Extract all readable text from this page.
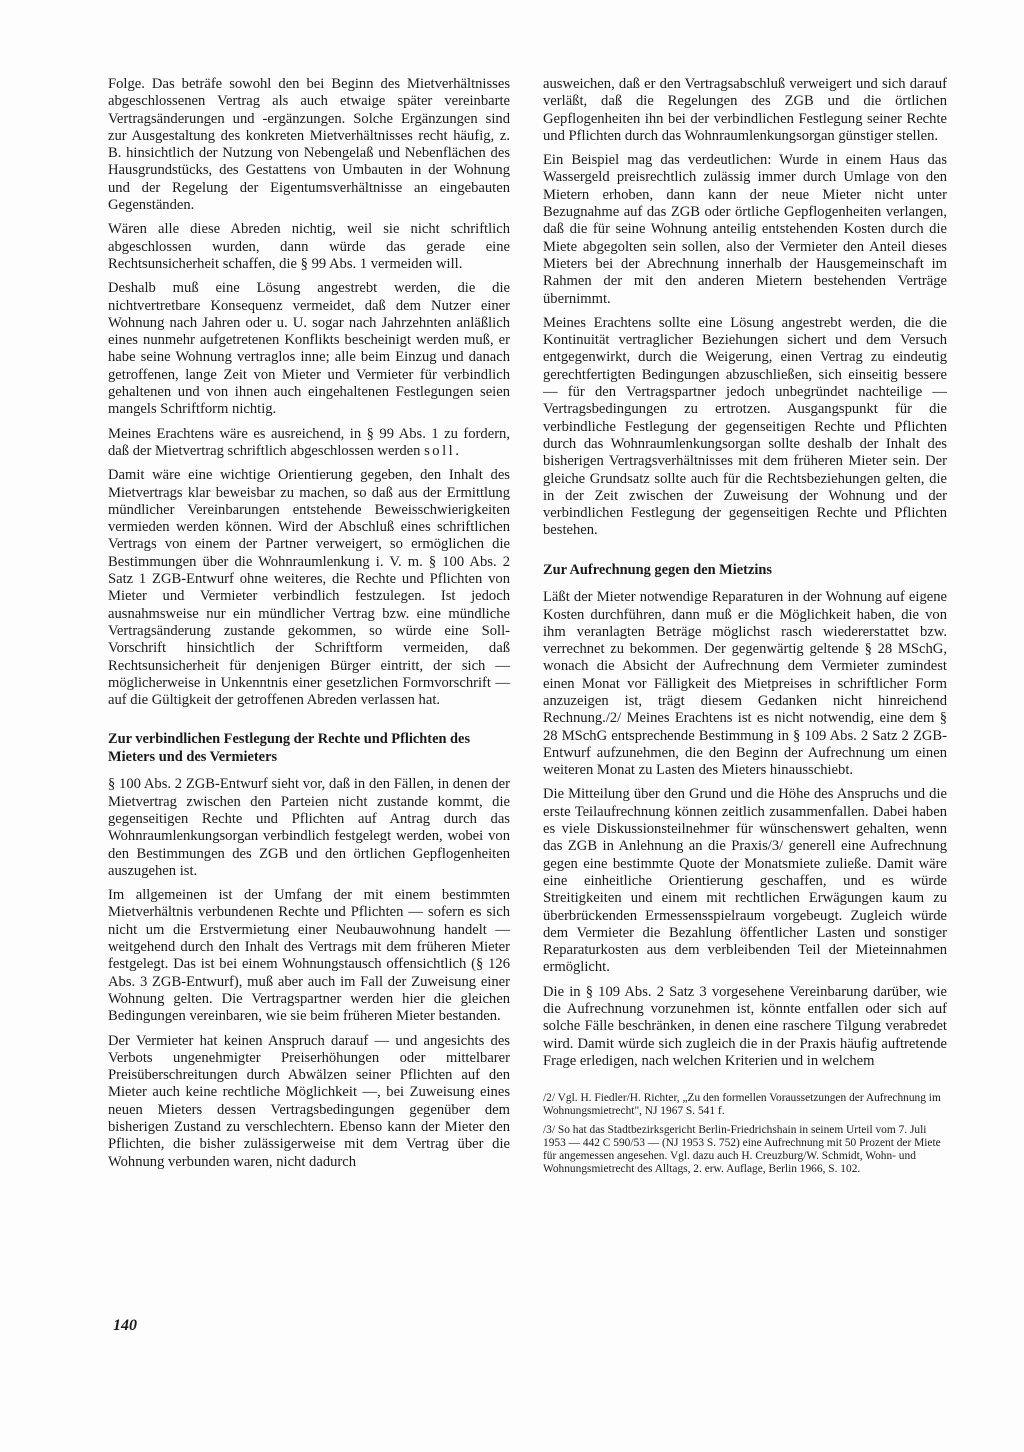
Folge. Das beträfe sowohl den bei Beginn des Mietverhältnisses abgeschlossenen Vertrag als auch etwaige später vereinbarte Vertragsänderungen und -ergänzungen. Solche Ergänzungen sind zur Ausgestaltung des konkreten Mietverhältnisses recht häufig, z. B. hinsichtlich der Nutzung von Nebengelaß und Nebenflächen des Hausgrundstücks, des Gestattens von Umbauten in der Wohnung und der Regelung der Eigentumsverhältnisse an eingebauten Gegenständen.

Wären alle diese Abreden nichtig, weil sie nicht schriftlich abgeschlossen wurden, dann würde das gerade eine Rechtsunsicherheit schaffen, die § 99 Abs. 1 vermeiden will.

Deshalb muß eine Lösung angestrebt werden, die die nichtvertretbare Konsequenz vermeidet, daß dem Nutzer einer Wohnung nach Jahren oder u. U. sogar nach Jahrzehnten anläßlich eines nunmehr aufgetretenen Konflikts bescheinigt werden muß, er habe seine Wohnung vertraglos inne; alle beim Einzug und danach getroffenen, lange Zeit von Mieter und Vermieter für verbindlich gehaltenen und von ihnen auch eingehaltenen Festlegungen seien mangels Schriftform nichtig.

Meines Erachtens wäre es ausreichend, in § 99 Abs. 1 zu fordern, daß der Mietvertrag schriftlich abgeschlossen werden soll.

Damit wäre eine wichtige Orientierung gegeben, den Inhalt des Mietvertrags klar beweisbar zu machen, so daß aus der Ermittlung mündlicher Vereinbarungen entstehende Beweisschwierigkeiten vermieden werden können. Wird der Abschluß eines schriftlichen Vertrags von einem der Partner verweigert, so ermöglichen die Bestimmungen über die Wohnraumlenkung i. V. m. § 100 Abs. 2 Satz 1 ZGB-Entwurf ohne weiteres, die Rechte und Pflichten von Mieter und Vermieter verbindlich festzulegen. Ist jedoch ausnahmsweise nur ein mündlicher Vertrag bzw. eine mündliche Vertragsänderung zustande gekommen, so würde eine Soll-Vorschrift hinsichtlich der Schriftform vermeiden, daß Rechtsunsicherheit für denjenigen Bürger eintritt, der sich — möglicherweise in Unkenntnis einer gesetzlichen Formvorschrift — auf die Gültigkeit der getroffenen Abreden verlassen hat.

Zur verbindlichen Festlegung der Rechte und Pflichten des Mieters und des Vermieters

§ 100 Abs. 2 ZGB-Entwurf sieht vor, daß in den Fällen, in denen der Mietvertrag zwischen den Parteien nicht zustande kommt, die gegenseitigen Rechte und Pflichten auf Antrag durch das Wohnraumlenkungsorgan verbindlich festgelegt werden, wobei von den Bestimmungen des ZGB und den örtlichen Gepflogenheiten auszugehen ist.

Im allgemeinen ist der Umfang der mit einem bestimmten Mietverhältnis verbundenen Rechte und Pflichten — sofern es sich nicht um die Erstvermietung einer Neubauwohnung handelt — weitgehend durch den Inhalt des Vertrags mit dem früheren Mieter festgelegt. Das ist bei einem Wohnungstausch offensichtlich (§ 126 Abs. 3 ZGB-Entwurf), muß aber auch im Fall der Zuweisung einer Wohnung gelten. Die Vertragspartner werden hier die gleichen Bedingungen vereinbaren, wie sie beim früheren Mieter bestanden.

Der Vermieter hat keinen Anspruch darauf — und angesichts des Verbots ungenehmigter Preiserhöhungen oder mittelbarer Preisüberschreitungen durch Abwälzen seiner Pflichten auf den Mieter auch keine rechtliche Möglichkeit —, bei Zuweisung eines neuen Mieters dessen Vertragsbedingungen gegenüber dem bisherigen Zustand zu verschlechtern. Ebenso kann der Mieter den Pflichten, die bisher zulässigerweise mit dem Vertrag über die Wohnung verbunden waren, nicht dadurch

ausweichen, daß er den Vertragsabschluß verweigert und sich darauf verläßt, daß die Regelungen des ZGB und die örtlichen Gepflogenheiten ihn bei der verbindlichen Festlegung seiner Rechte und Pflichten durch das Wohnraumlenkungsorgan günstiger stellen.

Ein Beispiel mag das verdeutlichen: Wurde in einem Haus das Wassergeld preisrechtlich zulässig immer durch Umlage von den Mietern erhoben, dann kann der neue Mieter nicht unter Bezugnahme auf das ZGB oder örtliche Gepflogenheiten verlangen, daß die für seine Wohnung anteilig entstehenden Kosten durch die Miete abgegolten sein sollen, also der Vermieter den Anteil dieses Mieters bei der Abrechnung innerhalb der Hausgemeinschaft im Rahmen der mit den anderen Mietern bestehenden Verträge übernimmt.

Meines Erachtens sollte eine Lösung angestrebt werden, die die Kontinuität vertraglicher Beziehungen sichert und dem Versuch entgegenwirkt, durch die Weigerung, einen Vertrag zu eindeutig gerechtfertigten Bedingungen abzuschließen, sich einseitig bessere — für den Vertragspartner jedoch unbegründet nachteilige — Vertragsbedingungen zu ertrotzen. Ausgangspunkt für die verbindliche Festlegung der gegenseitigen Rechte und Pflichten durch das Wohnraumlenkungsorgan sollte deshalb der Inhalt des bisherigen Vertragsverhältnisses mit dem früheren Mieter sein. Der gleiche Grundsatz sollte auch für die Rechtsbeziehungen gelten, die in der Zeit zwischen der Zuweisung der Wohnung und der verbindlichen Festlegung der gegenseitigen Rechte und Pflichten bestehen.

Zur Aufrechnung gegen den Mietzins

Läßt der Mieter notwendige Reparaturen in der Wohnung auf eigene Kosten durchführen, dann muß er die Möglichkeit haben, die von ihm veranlagten Beträge möglichst rasch wiedererstattet bzw. verrechnet zu bekommen. Der gegenwärtig geltende § 28 MSchG, wonach die Absicht der Aufrechnung dem Vermieter zumindest einen Monat vor Fälligkeit des Mietpreises in schriftlicher Form anzuzeigen ist, trägt diesem Gedanken nicht hinreichend Rechnung./2/ Meines Erachtens ist es nicht notwendig, eine dem § 28 MSchG entsprechende Bestimmung in § 109 Abs. 2 Satz 2 ZGB-Entwurf aufzunehmen, die den Beginn der Aufrechnung um einen weiteren Monat zu Lasten des Mieters hinausschiebt.

Die Mitteilung über den Grund und die Höhe des Anspruchs und die erste Teilaufrechnung können zeitlich zusammenfallen. Dabei haben es viele Diskussionsteilnehmer für wünschenswert gehalten, wenn das ZGB in Anlehnung an die Praxis/3/ generell eine Aufrechnung gegen eine bestimmte Quote der Monatsmiete zuließe. Damit wäre eine einheitliche Orientierung geschaffen, und es würde Streitigkeiten und einem mit rechtlichen Erwägungen kaum zu überbrückenden Ermessensspielraum vorgebeugt. Zugleich würde dem Vermieter die Bezahlung öffentlicher Lasten und sonstiger Reparaturkosten aus dem verbleibenden Teil der Mieteinnahmen ermöglicht.

Die in § 109 Abs. 2 Satz 3 vorgesehene Vereinbarung darüber, wie die Aufrechnung vorzunehmen ist, könnte entfallen oder sich auf solche Fälle beschränken, in denen eine raschere Tilgung verabredet wird. Damit würde sich zugleich die in der Praxis häufig auftretende Frage erledigen, nach welchen Kriterien und in welchem

/2/ Vgl. H. Fiedler/H. Richter, „Zu den formellen Voraussetzungen der Aufrechnung im Wohnungsmietrecht", NJ 1967 S. 541 f.

/3/ So hat das Stadtbezirksgericht Berlin-Friedrichshain in seinem Urteil vom 7. Juli 1953 — 442 C 590/53 — (NJ 1953 S. 752) eine Aufrechnung mit 50 Prozent der Miete für angemessen angesehen. Vgl. dazu auch H. Creuzburg/W. Schmidt, Wohn- und Wohnungsmietrecht des Alltags, 2. erw. Auflage, Berlin 1966, S. 102.

140
